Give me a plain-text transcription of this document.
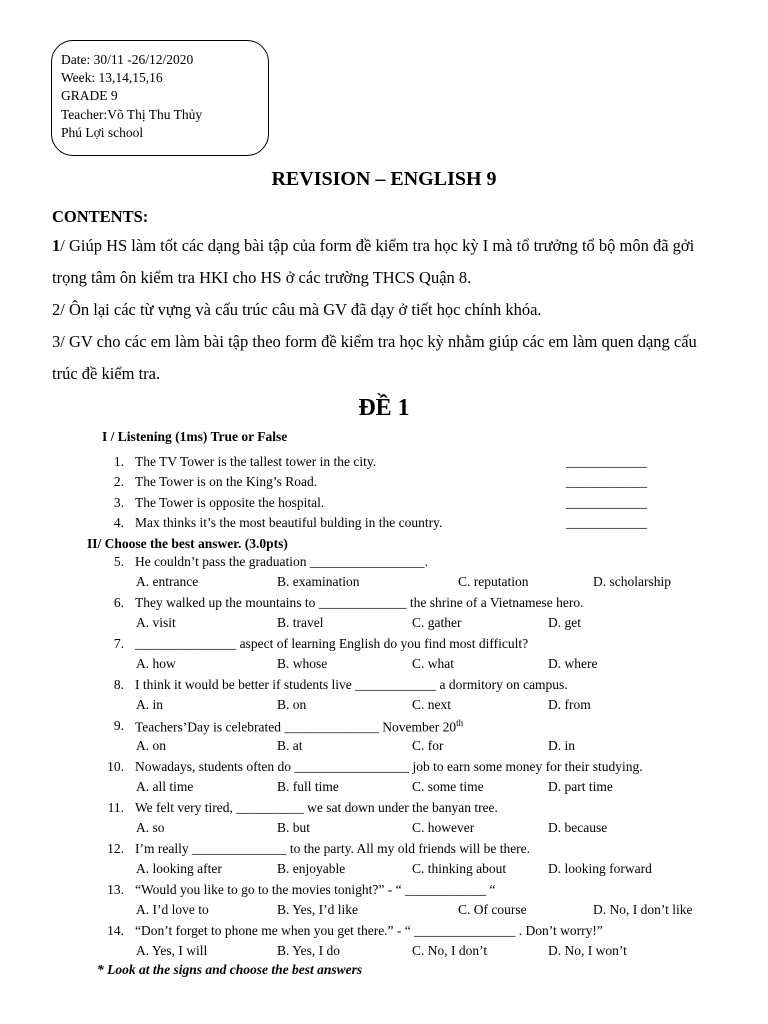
Date: 30/11 -26/12/2020
Week: 13,14,15,16
GRADE 9
Teacher:Võ Thị Thu Thủy
Phú Lợi school
REVISION – ENGLISH 9
CONTENTS:
1/ Giúp HS làm tốt các dạng bài tập của form đề kiểm tra học kỳ I mà tổ trưởng tổ bộ môn đã gởi trọng tâm ôn kiểm tra HKI cho HS ở các trường THCS Quận 8.
2/ Ôn lại các từ vựng và cấu trúc câu mà GV đã dạy ở tiết học chính khóa.
3/ GV cho các em làm bài tập theo form đề kiểm tra học kỳ nhằm giúp các em làm quen dạng cấu trúc đề kiểm tra.
ĐỀ 1
I / Listening (1ms) True or False
1. The TV Tower is the tallest tower in the city.	____________
2. The Tower is on the King’s Road.	____________
3. The Tower is opposite the hospital.	____________
4. Max thinks it’s the most beautiful bulding in the country.	____________
II/ Choose the best answer. (3.0pts)
5. He couldn’t pass the graduation _________________.
A. entrance	B. examination	C. reputation	D. scholarship
6. They walked up the mountains to _____________ the shrine of a Vietnamese hero.
A. visit	B. travel	C. gather	D. get
7. _______________ aspect of learning English do you find most difficult?
A. how	B. whose	C. what	D. where
8. I think it would be better if students live ____________ a dormitory on campus.
A. in	B. on	C. next	D. from
9. Teachers’Day is celebrated ______________ November 20th
A. on	B. at	C. for	D. in
10. Nowadays, students often do _________________ job to earn some money for their studying.
A. all time	B. full time	C. some time	D. part time
11. We felt very tired, __________ we sat down under the banyan tree.
A. so	B. but	C. however	D. because
12. I’m really ______________ to the party. All my old friends will be there.
A. looking after	B. enjoyable	C. thinking about	D. looking forward
13. “Would you like to go to the movies tonight?” - “ ____________ “
A. I’d love to	B. Yes, I’d like	C. Of course	D. No, I don’t like
14. “Don’t forget to phone me when you get there.” - “ _______________ . Don’t worry!”
A. Yes, I will	B. Yes, I do	C. No, I don’t	D. No, I won’t
* Look at the signs and choose the best answers
